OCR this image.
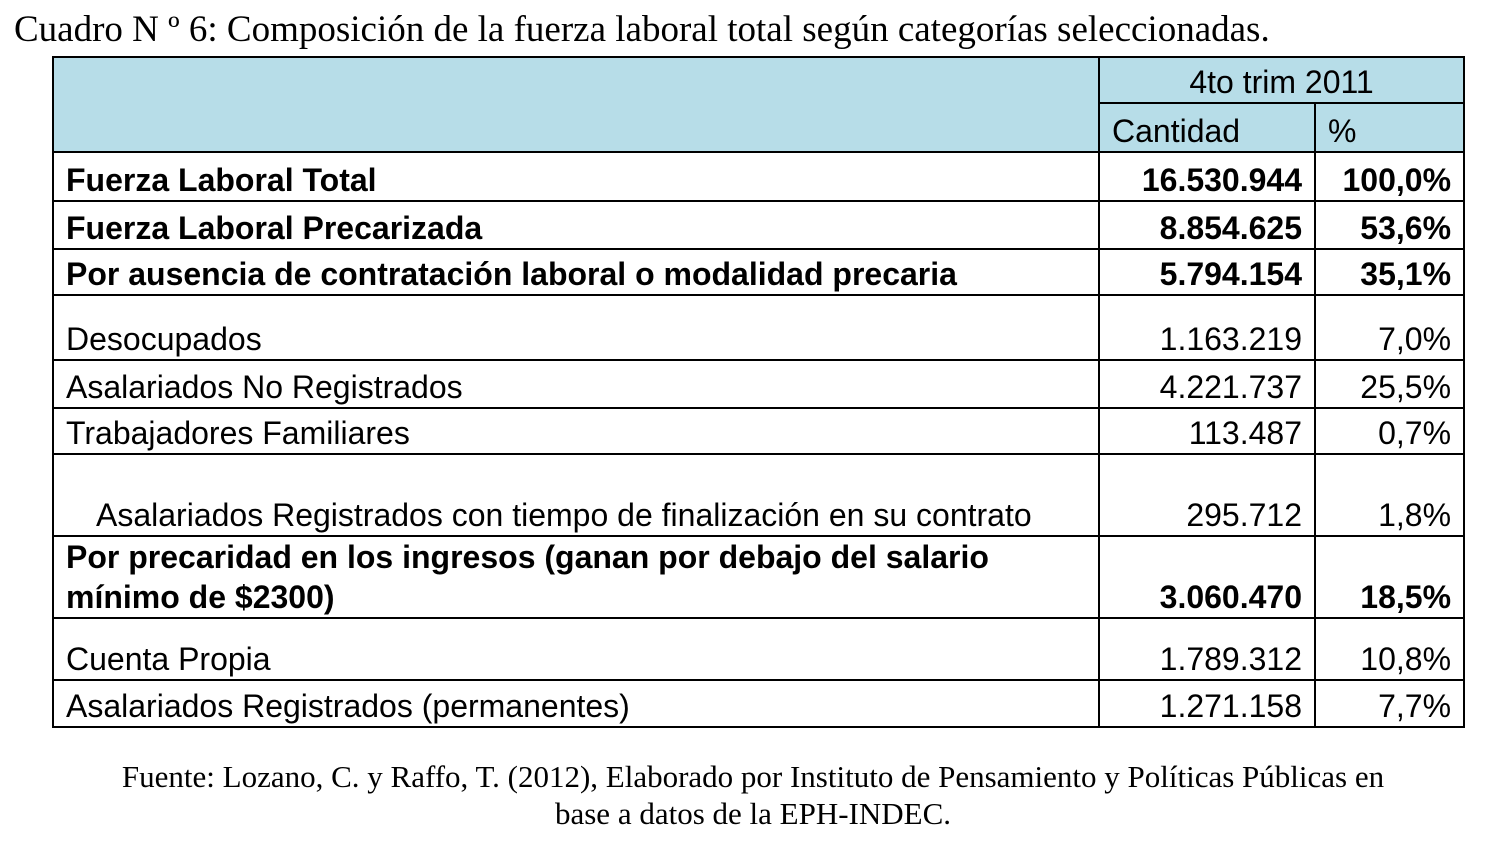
Cuadro N º 6: Composición de la fuerza laboral total según categorías seleccionadas.
	4to trim 2011	
	Cantidad	%
Fuerza Laboral Total	16.530.944	100,0%
Fuerza Laboral Precarizada	8.854.625	53,6%
Por ausencia de contratación laboral o modalidad precaria	5.794.154	35,1%
Desocupados	1.163.219	7,0%
Asalariados No Registrados	4.221.737	25,5%
Trabajadores Familiares	113.487	0,7%
Asalariados Registrados con tiempo de finalización en su contrato	295.712	1,8%
Por precaridad en los ingresos (ganan por debajo del salario mínimo de $2300)	3.060.470	18,5%
Cuenta Propia	1.789.312	10,8%
Asalariados Registrados (permanentes)	1.271.158	7,7%
Fuente: Lozano, C. y Raffo, T. (2012), Elaborado por Instituto de Pensamiento y Políticas Públicas en
base a datos de la EPH-INDEC.
